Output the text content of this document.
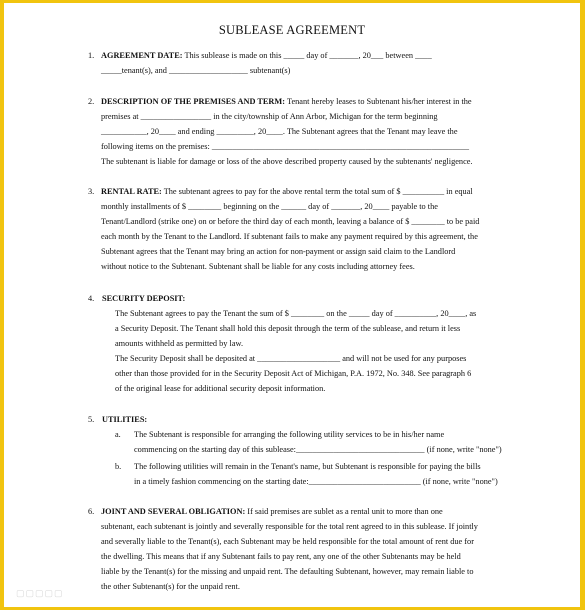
SUBLEASE AGREEMENT
1. AGREEMENT DATE: This sublease is made on this _____ day of _______, 20___ between ____
_____tenant(s), and ___________________ subtenant(s)
2. DESCRIPTION OF THE PREMISES AND TERM: Tenant hereby leases to Subtenant his/her interest in the
premises at _________________ in the city/township of Ann Arbor, Michigan for the term beginning
___________, 20____ and ending _________, 20____. The Subtenant agrees that the Tenant may leave the
following items on the premises: ______________________________________________________________
The subtenant is liable for damage or loss of the above described property caused by the subtenants' negligence.
3. RENTAL RATE: The subtenant agrees to pay for the above rental term the total sum of $ __________ in equal
monthly installments of $ ________ beginning on the ______ day of _______, 20____ payable to the
Tenant/Landlord (strike one) on or before the third day of each month, leaving a balance of $ ________ to be paid
each month by the Tenant to the Landlord. If subtenant fails to make any payment required by this agreement, the
Subtenant agrees that the Tenant may bring an action for non-payment or assign said claim to the Landlord
without notice to the Subtenant. Subtenant shall be liable for any costs including attorney fees.
4. SECURITY DEPOSIT:
The Subtenant agrees to pay the Tenant the sum of $ ________ on the _____ day of __________, 20____, as
a Security Deposit. The Tenant shall hold this deposit through the term of the sublease, and return it less
amounts withheld as permitted by law.
The Security Deposit shall be deposited at ____________________ and will not be used for any purposes
other than those provided for in the Security Deposit Act of Michigan, P.A. 1972, No. 348. See paragraph 6
of the original lease for additional security deposit information.
5. UTILITIES:
a. The Subtenant is responsible for arranging the following utility services to be in his/her name
commencing on the starting day of this sublease:_______________________________ (if none, write "none")
b. The following utilities will remain in the Tenant's name, but Subtenant is responsible for paying the bills
in a timely fashion commencing on the starting date:___________________________ (if none, write "none")
6. JOINT AND SEVERAL OBLIGATION: If said premises are sublet as a rental unit to more than one
subtenant, each subtenant is jointly and severally responsible for the total rent agreed to in this sublease. If jointly
and severally liable to the Tenant(s), each Subtenant may be held responsible for the total amount of rent due for
the dwelling. This means that if any Subtenant fails to pay rent, any one of the other Subtenants may be held
liable by the Tenant(s) for the missing and unpaid rent. The defaulting Subtenant, however, may remain liable to
the other Subtenant(s) for the unpaid rent.
▢▢▢▢▢
